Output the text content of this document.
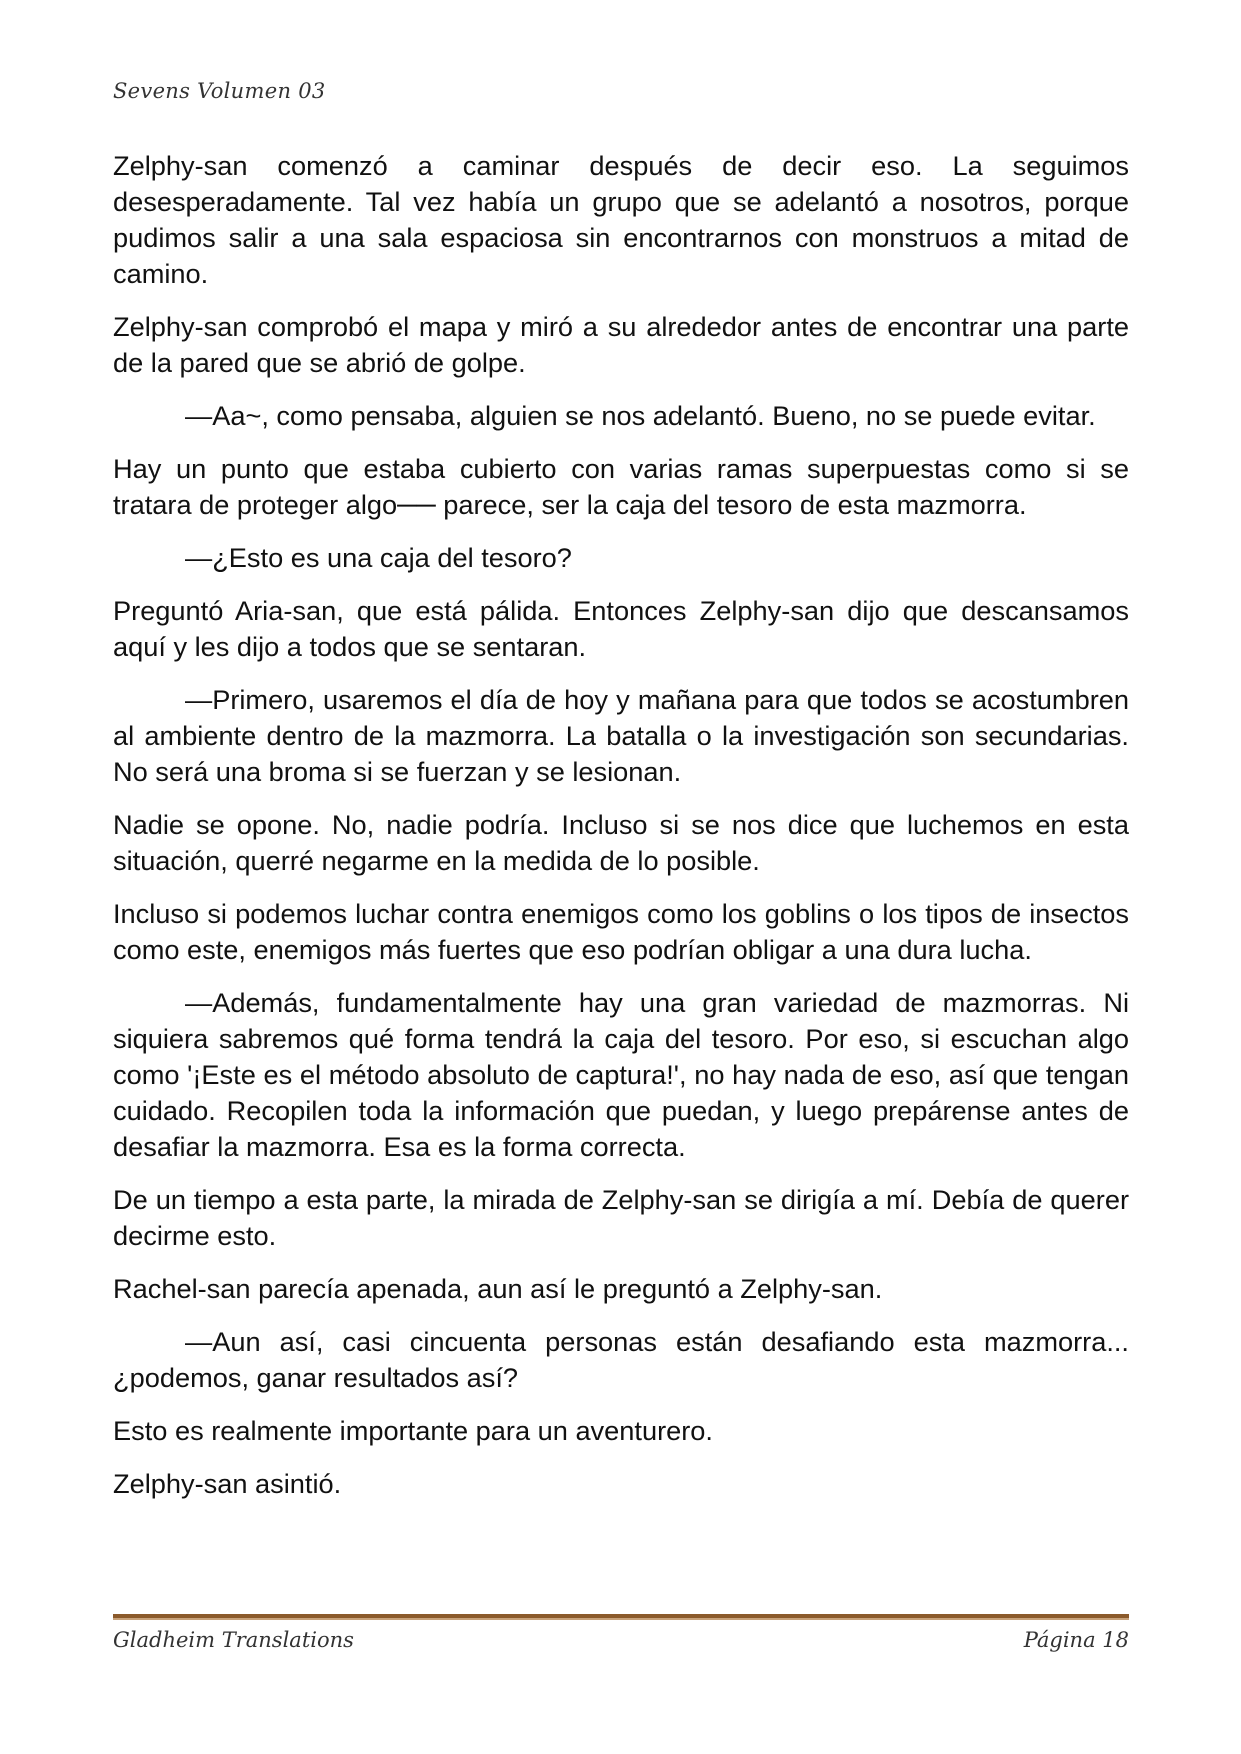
Sevens Volumen 03

Zelphy-san comenzó a caminar después de decir eso. La seguimos desesperadamente. Tal vez había un grupo que se adelantó a nosotros, porque pudimos salir a una sala espaciosa sin encontrarnos con monstruos a mitad de camino.

Zelphy-san comprobó el mapa y miró a su alrededor antes de encontrar una parte de la pared que se abrió de golpe.

—Aa~, como pensaba, alguien se nos adelantó. Bueno, no se puede evitar.

Hay un punto que estaba cubierto con varias ramas superpuestas como si se tratara de proteger algo── parece, ser la caja del tesoro de esta mazmorra.

—¿Esto es una caja del tesoro?

Preguntó Aria-san, que está pálida. Entonces Zelphy-san dijo que descansamos aquí y les dijo a todos que se sentaran.

—Primero, usaremos el día de hoy y mañana para que todos se acostumbren al ambiente dentro de la mazmorra. La batalla o la investigación son secundarias. No será una broma si se fuerzan y se lesionan.

Nadie se opone. No, nadie podría. Incluso si se nos dice que luchemos en esta situación, querré negarme en la medida de lo posible.

Incluso si podemos luchar contra enemigos como los goblins o los tipos de insectos como este, enemigos más fuertes que eso podrían obligar a una dura lucha.

—Además, fundamentalmente hay una gran variedad de mazmorras. Ni siquiera sabremos qué forma tendrá la caja del tesoro. Por eso, si escuchan algo como '¡Este es el método absoluto de captura!', no hay nada de eso, así que tengan cuidado. Recopilen toda la información que puedan, y luego prepárense antes de desafiar la mazmorra. Esa es la forma correcta.

De un tiempo a esta parte, la mirada de Zelphy-san se dirigía a mí. Debía de querer decirme esto.

Rachel-san parecía apenada, aun así le preguntó a Zelphy-san.

—Aun así, casi cincuenta personas están desafiando esta mazmorra... ¿podemos, ganar resultados así?

Esto es realmente importante para un aventurero.

Zelphy-san asintió.

Gladheim Translations	Página 18
